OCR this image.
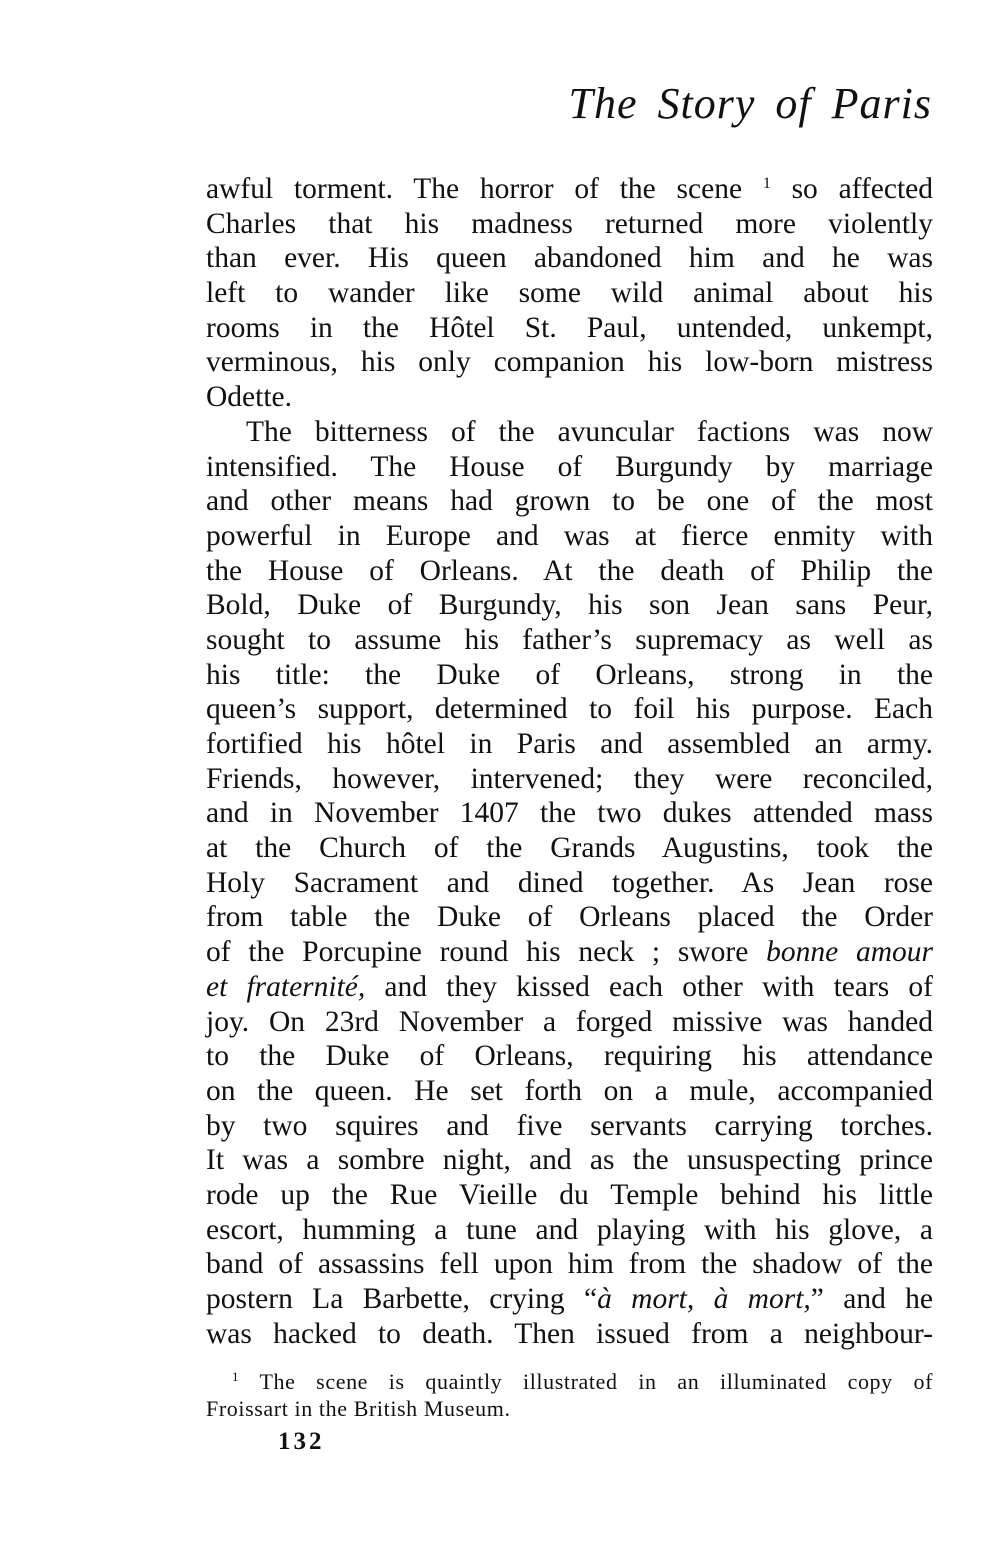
The Story of Paris
awful torment. The horror of the scene $^1$ so affected
Charles that his madness returned more violently
than ever. His queen abandoned him and he was
left to wander like some wild animal about his
rooms in the Hôtel St. Paul, untended, unkempt,
verminous, his only companion his low-born mistress
Odette.
The bitterness of the avuncular factions was now
intensified. The House of Burgundy by marriage
and other means had grown to be one of the most
powerful in Europe and was at fierce enmity with
the House of Orleans. At the death of Philip the
Bold, Duke of Burgundy, his son Jean sans Peur,
sought to assume his father’s supremacy as well as
his title: the Duke of Orleans, strong in the
queen’s support, determined to foil his purpose. Each
fortified his hôtel in Paris and assembled an army.
Friends, however, intervened; they were reconciled,
and in November 1407 the two dukes attended mass
at the Church of the Grands Augustins, took the
Holy Sacrament and dined together. As Jean rose
from table the Duke of Orleans placed the Order
of the Porcupine round his neck ; swore bonne amour
et fraternité, and they kissed each other with tears of
joy. On 23rd November a forged missive was handed
to the Duke of Orleans, requiring his attendance
on the queen. He set forth on a mule, accompanied
by two squires and five servants carrying torches.
It was a sombre night, and as the unsuspecting prince
rode up the Rue Vieille du Temple behind his little
escort, humming a tune and playing with his glove, a
band of assassins fell upon him from the shadow of the
postern La Barbette, crying “à mort, à mort,” and he
was hacked to death. Then issued from a neighbour-
$^1$ The scene is quaintly illustrated in an illuminated copy of
Froissart in the British Museum.
132
